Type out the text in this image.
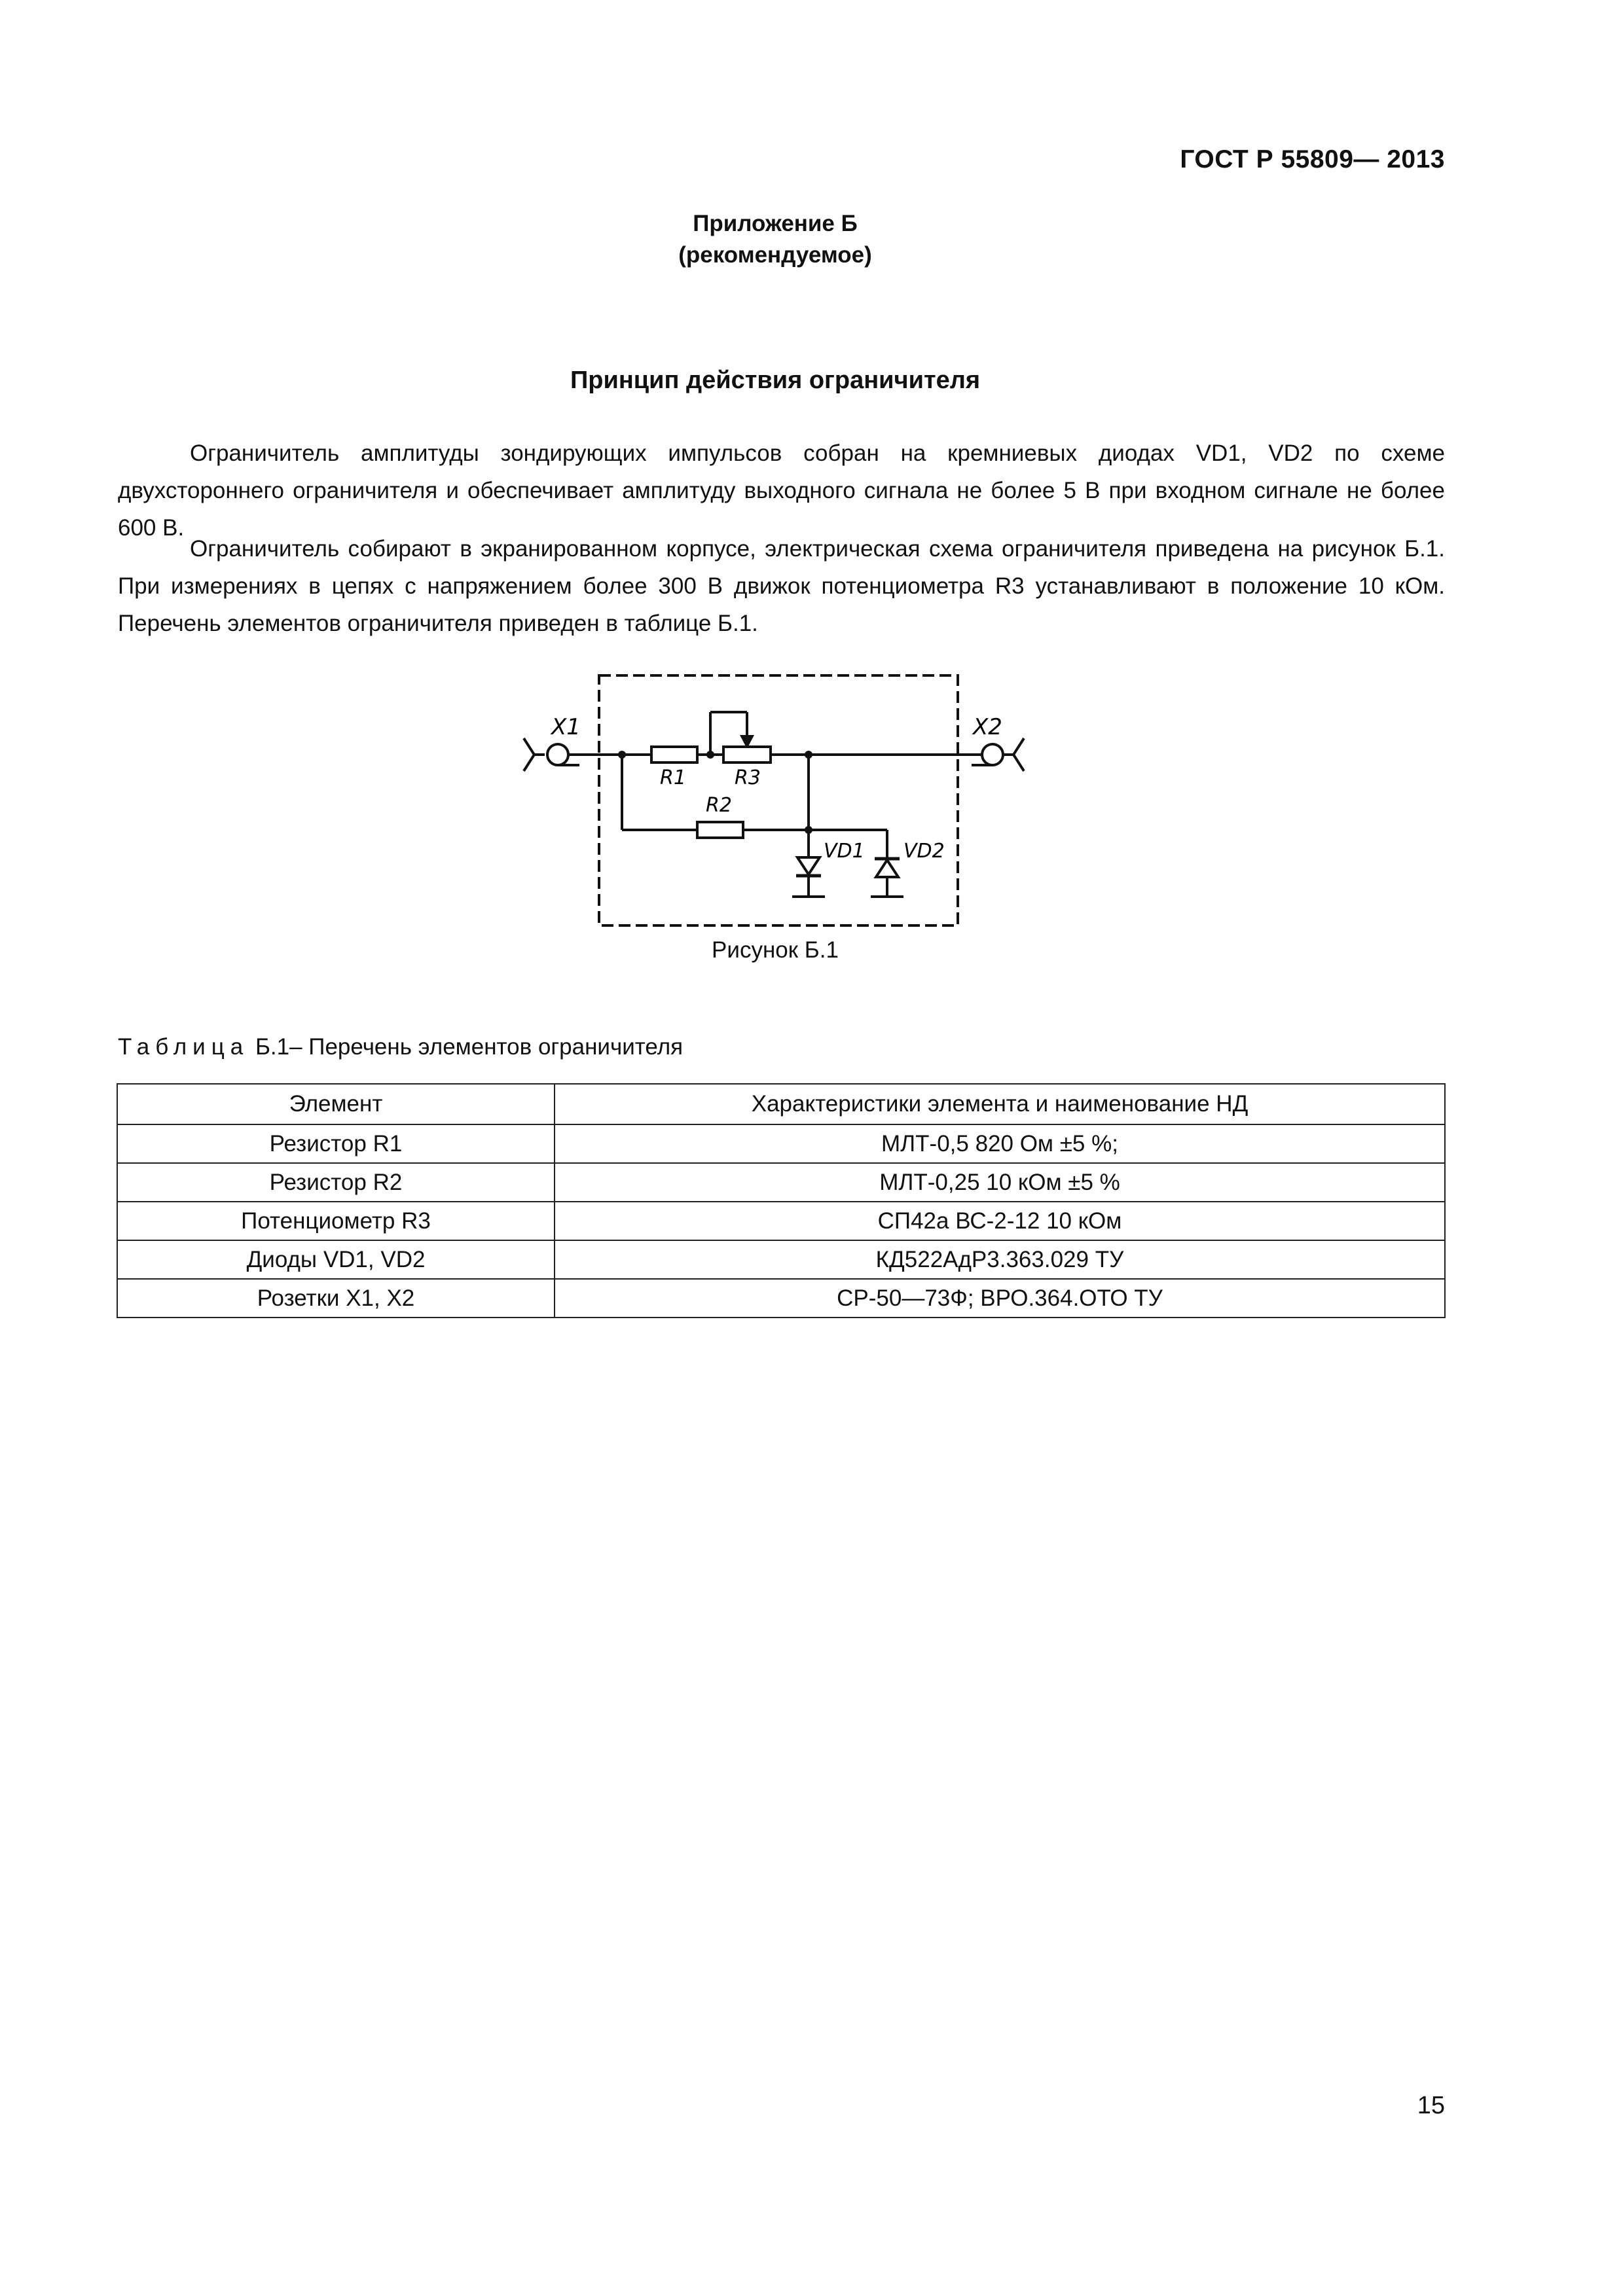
ГОСТ Р 55809— 2013
Приложение Б
(рекомендуемое)
Принцип действия ограничителя

Ограничитель амплитуды зондирующих импульсов собран на кремниевых диодах VD1, VD2 по схеме двухстороннего ограничителя и обеспечивает амплитуду выходного сигнала не более 5 В при входном сигнале не более 600 В.

Ограничитель собирают в экранированном корпусе, электрическая схема ограничителя приведена на рисунок Б.1. При измерениях в цепях с напряжением более 300 В движок потенциометра R3 устанавливают в положение 10 кОм. Перечень элементов ограничителя приведен в таблице Б.1.

X1
R1 R3
R2
VD1 VD2
X2
Рисунок Б.1
Таблица Б.1– Перечень элементов ограничителя
Элемент	Характеристики элемента и наименование НД
Резистор R1	МЛТ-0,5 820 Ом ±5 %;
Резистор R2	МЛТ-0,25 10 кОм ±5 %
Потенциометр R3	СП42а ВС-2-12 10 кОм
Диоды VD1, VD2	КД522АдР3.363.029 ТУ
Розетки X1, X2	СР-50—73Ф; ВРО.364.ОТО ТУ
15
